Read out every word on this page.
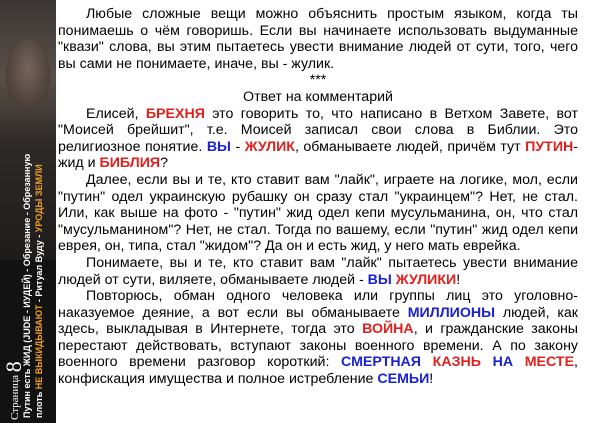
Страница 8
Путин есть ЖИД (JUDE - ИУДЕЙ) - Обрезание - Обрезанную плоть НЕ ВЫКИДЫВАЮТ - Ритуал Вуду - УРОДЫ ЗЕМЛИ

Любые сложные вещи можно объяснить простым языком, когда ты понимаешь о чём говоришь. Если вы начинаете использовать выдуманные "квази" слова, вы этим пытаетесь увести внимание людей от сути, того, чего вы сами не понимаете, иначе, вы - жулик.

***

Ответ на комментарий

Елисей, БРЕХНЯ это говорить то, что написано в Ветхом Завете, вот "Моисей брейшит", т.е. Моисей записал свои слова в Библии. Это религиозное понятие. ВЫ - ЖУЛИК, обманываете людей, причём тут ПУТИН-жид и БИБЛИЯ?

Далее, если вы и те, кто ставит вам "лайк", играете на логике, мол, если "путин" одел украинскую рубашку он сразу стал "украинцем"? Нет, не стал. Или, как выше на фото - "путин" жид одел кепи мусульманина, он, что стал "мусульманином"? Нет, не стал. Тогда по вашему, если "путин" жид одел кепи еврея, он, типа, стал "жидом"? Да он и есть жид, у него мать еврейка.

Понимаете, вы и те, кто ставит вам "лайк" пытаетесь увести внимание людей от сути, виляете, обманываете людей - ВЫ ЖУЛИКИ!

Повторюсь, обман одного человека или группы лиц это уголовно-наказуемое деяние, а вот если вы обманываете МИЛЛИОНЫ людей, как здесь, выкладывая в Интернете, тогда это ВОЙНА, и гражданские законы перестают действовать, вступают законы военного времени. А по закону военного времени разговор короткий: СМЕРТНАЯ КАЗНЬ НА МЕСТЕ, конфискация имущества и полное истребление СЕМЬИ!
